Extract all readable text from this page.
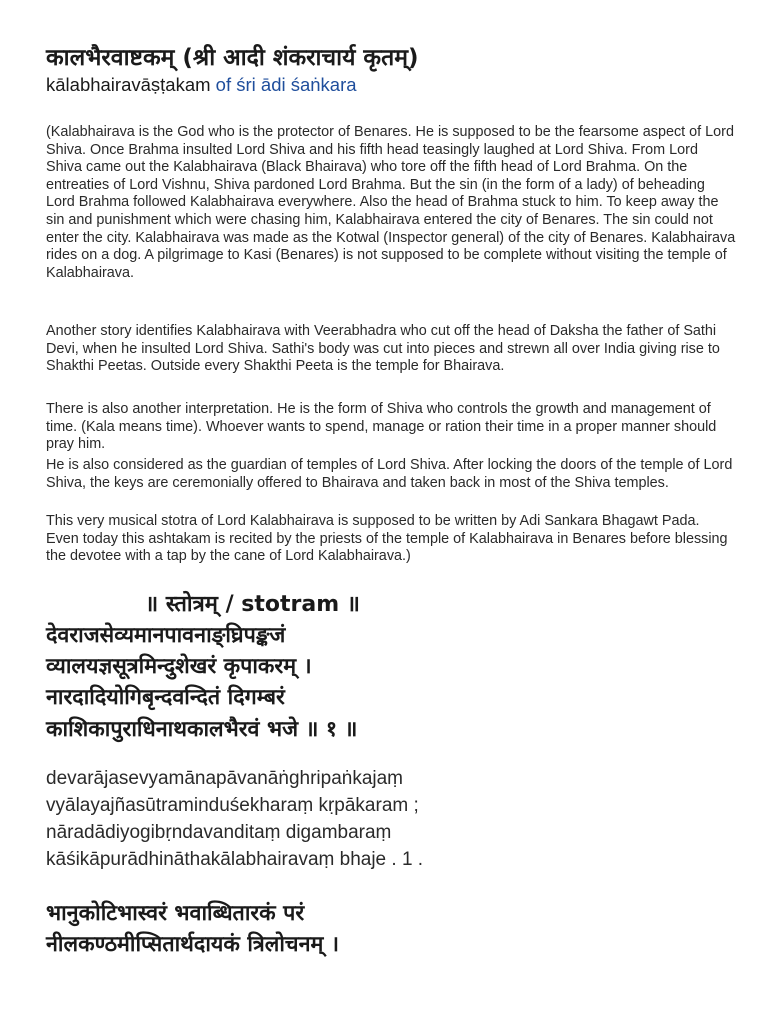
कालभैरवाष्टकम् (श्री आदी शंकराचार्य कृतम्)
kālabhairavāṣṭakam of śri ādi śaṅkara

(Kalabhairava is the God who is the protector of Benares. He is supposed to be the fearsome aspect of Lord Shiva. Once Brahma insulted Lord Shiva and his fifth head teasingly laughed at Lord Shiva. From Lord Shiva came out the Kalabhairava (Black Bhairava) who tore off the fifth head of Lord Brahma. On the entreaties of Lord Vishnu, Shiva pardoned Lord Brahma. But the sin (in the form of a lady) of beheading Lord Brahma followed Kalabhairava everywhere. Also the head of Brahma stuck to him. To keep away the sin and punishment which were chasing him, Kalabhairava entered the city of Benares. The sin could not enter the city. Kalabhairava was made as the Kotwal (Inspector general) of the city of Benares. Kalabhairava rides on a dog. A pilgrimage to Kasi (Benares) is not supposed to be complete without visiting the temple of Kalabhairava.

Another story identifies Kalabhairava with Veerabhadra who cut off the head of Daksha the father of Sathi Devi, when he insulted Lord Shiva. Sathi's body was cut into pieces and strewn all over India giving rise to Shakthi Peetas. Outside every Shakthi Peeta is the temple for Bhairava.

There is also another interpretation. He is the form of Shiva who controls the growth and management of time. (Kala means time). Whoever wants to spend, manage or ration their time in a proper manner should pray him.

He is also considered as the guardian of temples of Lord Shiva. After locking the doors of the temple of Lord Shiva, the keys are ceremonially offered to Bhairava and taken back in most of the Shiva temples.

This very musical stotra of Lord Kalabhairava is supposed to be written by Adi Sankara Bhagawt Pada. Even today this ashtakam is recited by the priests of the temple of Kalabhairava in Benares before blessing the devotee with a tap by the cane of Lord Kalabhairava.)

॥ स्तोत्रम् / stotram ॥
देवराजसेव्यमानपावनाङ्घ्रिपङ्कजं
व्यालयज्ञसूत्रमिन्दुशेखरं कृपाकरम् ।
नारदादियोगिबृन्दवन्दितं दिगम्बरं
काशिकापुराधिनाथकालभैरवं भजे ॥ १ ॥
devarājasevyamānapāvanāṅghripaṅkajaṃ
vyālayajñasūtraminduśekharaṃ kṛpākaram ;
nāradādiyogibṛndavanditaṃ digambaraṃ
kāśikāpurādhināthakālabhairavaṃ bhaje . 1 .
भानुकोटिभास्वरं भवाब्धितारकं परं
नीलकण्ठमीप्सितार्थदायकं त्रिलोचनम् ।
